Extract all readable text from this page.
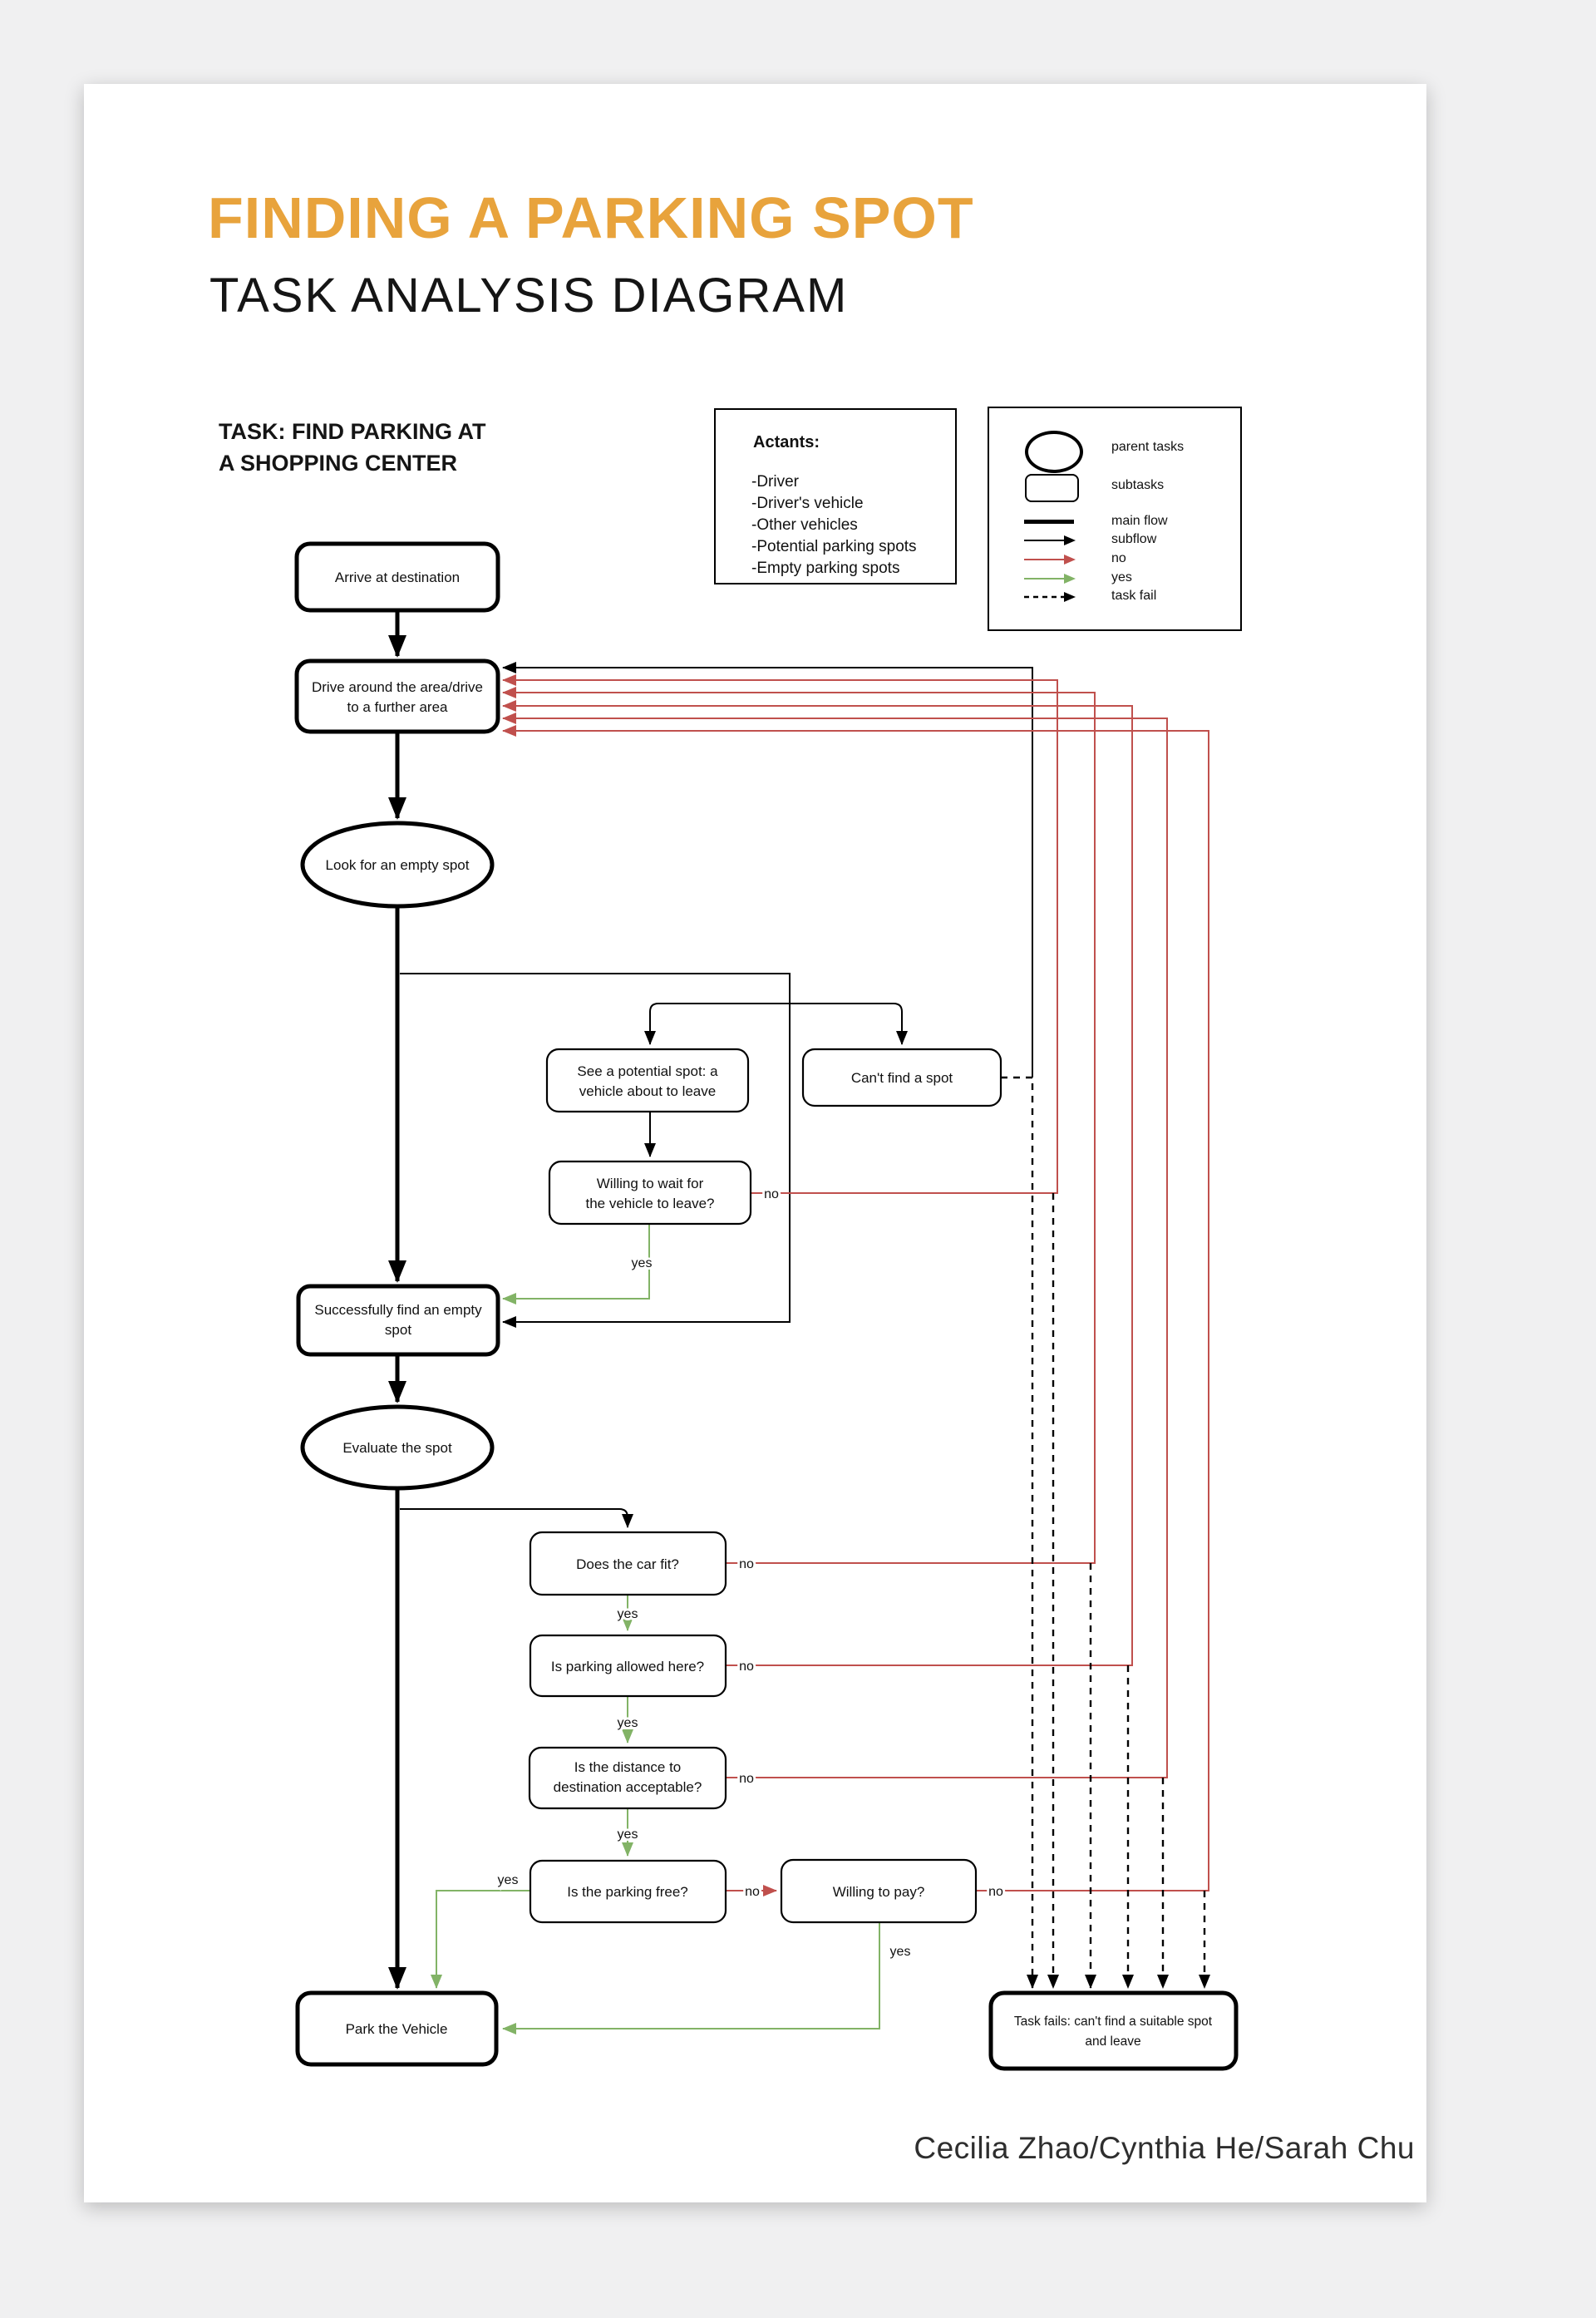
FINDING A PARKING SPOT
TASK ANALYSIS DIAGRAM
TASK: FIND PARKING AT
A SHOPPING CENTER
Actants:
-Driver
-Driver's vehicle
-Other vehicles
-Potential parking spots
-Empty parking spots
parent tasks
subtasks
main flow
subflow
no
yes
task fail
Arrive at destination
Drive around the area/drive
to a further area
Look for an empty spot
See a potential spot: a
vehicle about to leave
Can't find a spot
Willing to wait for
the vehicle to leave?
Successfully find an empty
spot
Evaluate the spot
Does the car fit?
Is parking allowed here?
Is the distance to
destination acceptable?
Is the parking free?	Willing to pay?
Park the Vehicle	Task fails: can't find a suitable spot
and leave
no
no
no
no
no	no
yes
yes
yes
yes
yes
yes
Cecilia Zhao/Cynthia He/Sarah Chu
